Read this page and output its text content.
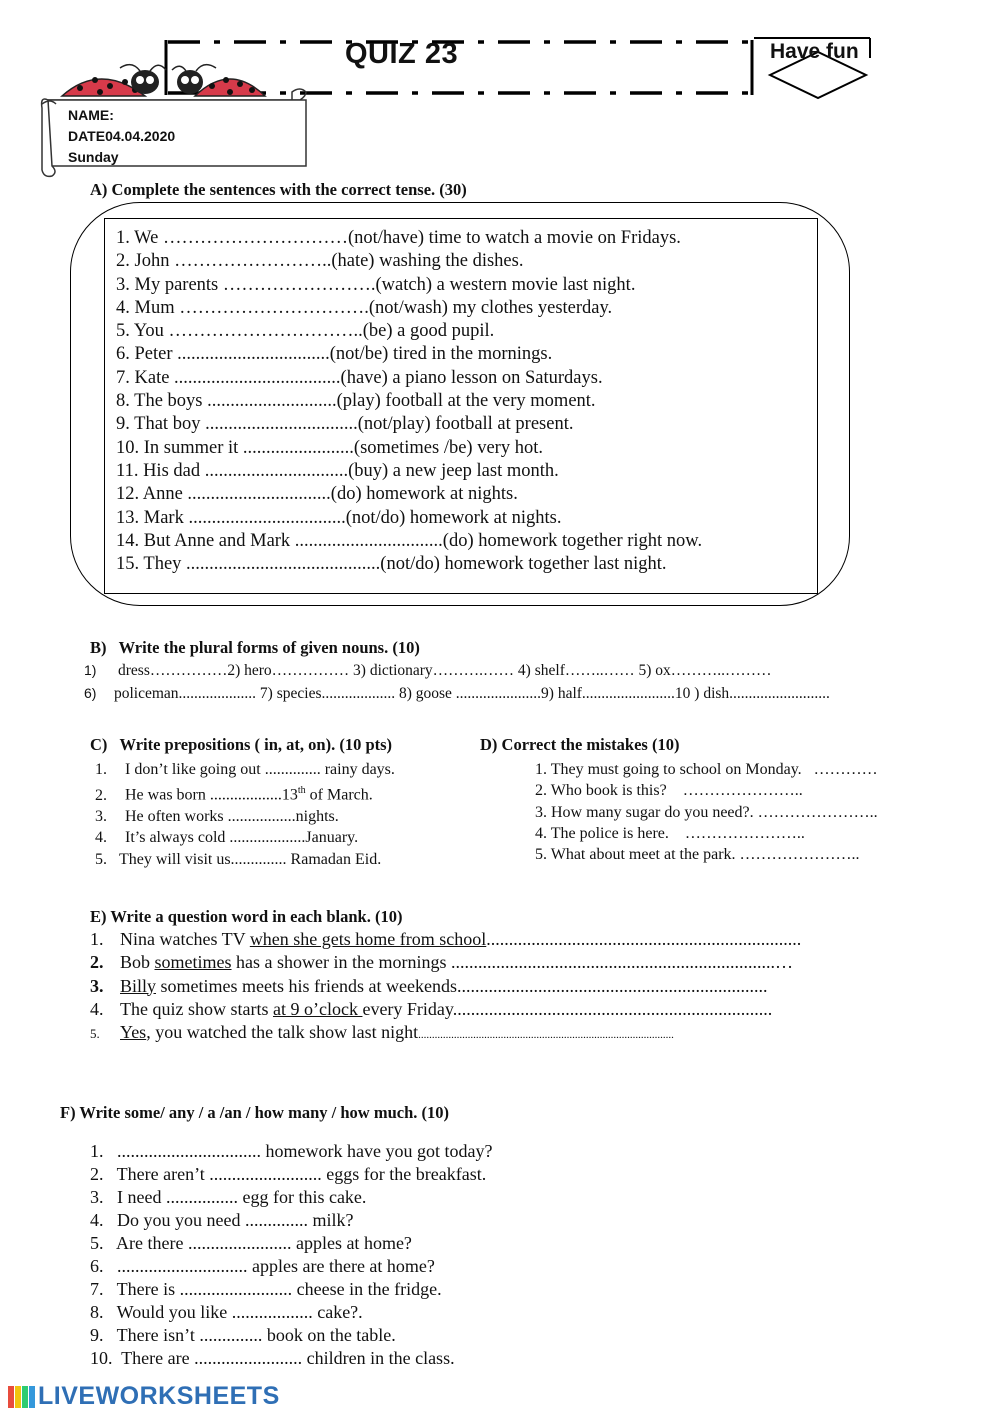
QUIZ 23	Have fun
NAME:
DATE04.04.2020
Sunday
A) Complete the sentences with the correct tense. (30)
1. We …………………………(not/have) time to watch a movie on Fridays.
2. John ……………………..(hate) washing the dishes.
3. My parents …………………….(watch) a western movie last night.
4. Mum ………………………….(not/wash) my clothes yesterday.
5. You …………………………..(be) a good pupil.
6. Peter .................................(not/be) tired in the mornings.
7. Kate ....................................(have) a piano lesson on Saturdays.
8. The boys ............................(play) football at the very moment.
9. That boy .................................(not/play) football at present.
10. In summer it ........................(sometimes /be) very hot.
11. His dad ...............................(buy) a new jeep last month.
12. Anne ...............................(do) homework at nights.
13. Mark ..................................(not/do) homework at nights.
14. But Anne and Mark ................................(do) homework together right now.
15. They ..........................................(not/do) homework together last night.
B)   Write the plural forms of given nouns. (10)
1) dress……………2) hero…………… 3) dictionary……….…… 4) shelf……..…… 5) ox………..………
6) policeman.................... 7) species................... 8) goose ......................9) half........................10 ) dish..........................
C)   Write prepositions ( in, at, on). (10 pts)
1. I don’t like going out .............. rainy days.
2. He was born ..................13th of March.
3. He often works .................nights.
4. It’s always cold ...................January.
5. They will visit us.............. Ramadan Eid.
D) Correct the mistakes (10)
1. They must going to school on Monday.   …………
2. Who book is this?    …………………..
3. How many sugar do you need?. …………………..
4. The police is here.    …………………..
5. What about meet at the park. …………………..
E) Write a question word in each blank. (10)
1. Nina watches TV when she gets home from school......................................................................
2. Bob sometimes has a shower in the mornings ........................................................................…
3. Billy sometimes meets his friends at weekends.....................................................................
4. The quiz show starts at 9 o’clock every Friday.......................................................................
5. Yes, you watched the talk show last night.............................................................................................
F) Write some/ any / a /an / how many / how much. (10)
1.   ................................ homework have you got today?
2.   There aren’t ......................... eggs for the breakfast.
3.   I need ................ egg for this cake.
4.   Do you you need .............. milk?
5.   Are there ....................... apples at home?
6.   ............................. apples are there at home?
7.   There is ......................... cheese in the fridge.
8.   Would you like .................. cake?.
9.   There isn’t .............. book on the table.
10.  There are ........................ children in the class.
LIVEWORKSHEETS
